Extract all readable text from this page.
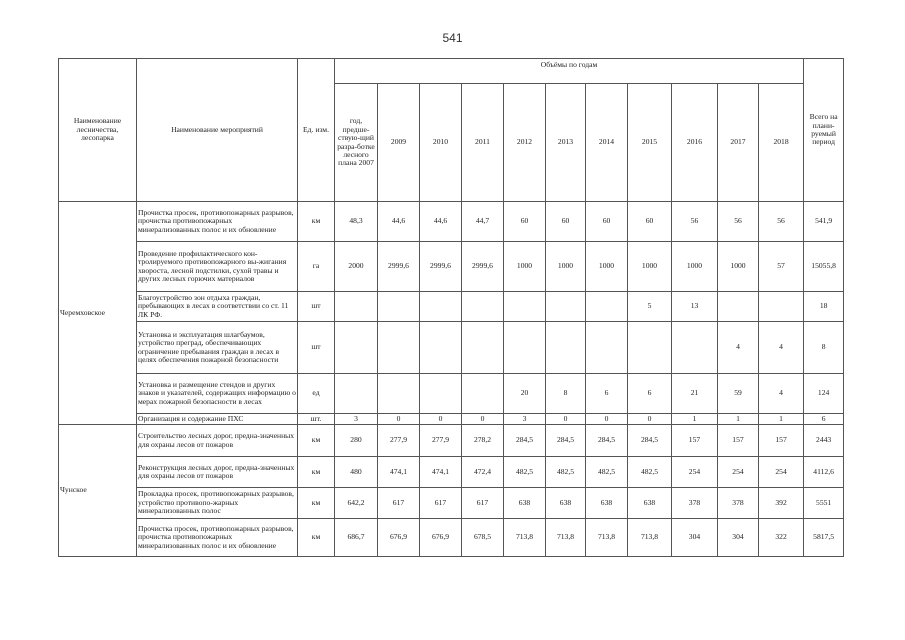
541
Наименование лесничества, лесопарка	Наименование мероприятий	Ед. изм.	Объёмы по годам											Всего на плани-руемый период
			год, предше-ствую-щий разра-ботке лесного плана 2007	2009	2010	2011	2012	2013	2014	2015	2016	2017	2018	
Черемховское	Прочистка просек, противопожарных разрывов, прочистка противопожарных минерализованных полос и их обновление	км	48,3	44,6	44,6	44,7	60	60	60	60	56	56	56	541,9
	Проведение профилактического кон-тролируемого противопожарного вы-жигания хвороста, лесной подстилки, сухой травы и других лесных горючих материалов	га	2000	2999,6	2999,6	2999,6	1000	1000	1000	1000	1000	1000	57	15055,8
	Благоустройство зон отдыха граждан, пребывающих в лесах в соответствии со ст. 11 ЛК РФ.	шт								5	13			18
	Установка и эксплуатация шлагбаумов, устройство преград, обеспечивающих ограничение пребывания граждан в лесах в целях обеспечения пожарной безопасности	шт										4	4	8
	Установка и размещение стендов и других знаков и указателей, содержащих информацию о мерах пожарной безопасности в лесах	ед					20	8	6	6	21	59	4	124
	Организация и содержание ПХС	шт.	3	0	0	0	3	0	0	0	1	1	1	6
Чунское	Строительство лесных дорог, предна-значенных для охраны лесов от пожаров	км	280	277,9	277,9	278,2	284,5	284,5	284,5	284,5	157	157	157	2443
	Реконструкция лесных дорог, предна-значенных для охраны лесов от пожаров	км	480	474,1	474,1	472,4	482,5	482,5	482,5	482,5	254	254	254	4112,6
	Прокладка просек, противопожарных разрывов, устройство противопо-жарных минерализованных полос	км	642,2	617	617	617	638	638	638	638	378	378	392	5551
	Прочистка просек, противопожарных разрывов, прочистка противопожарных минерализованных полос и их обновление	км	686,7	676,9	676,9	678,5	713,8	713,8	713,8	713,8	304	304	322	5817,5
